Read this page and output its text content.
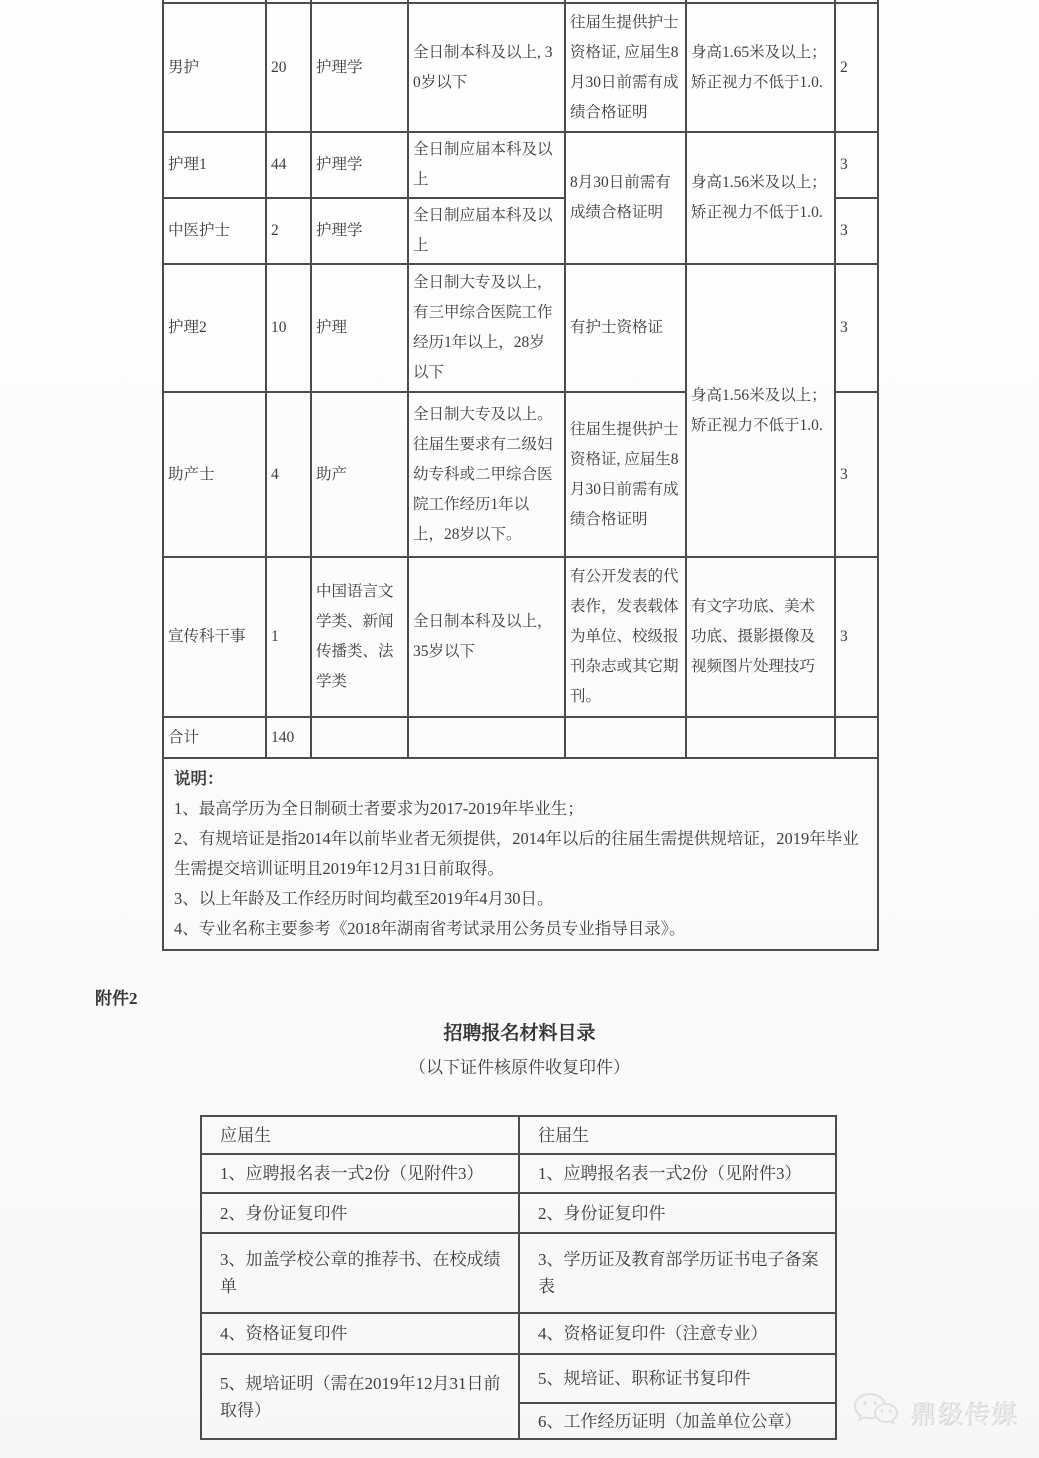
男护	20	护理学	全日制本科及以上, 30岁以下	往届生提供护士资格证, 应届生8月30日前需有成绩合格证明	身高1.65米及以上；矫正视力不低于1.0.	2
护理1	44	护理学	全日制应届本科及以上	8月30日前需有成绩合格证明	身高1.56米及以上；矫正视力不低于1.0.	3
中医护士	2	护理学	全日制应届本科及以上			3
护理2	10	护理	全日制大专及以上，有三甲综合医院工作经历1年以上，28岁以下	有护士资格证	身高1.56米及以上；矫正视力不低于1.0.	3
助产士	4	助产	全日制大专及以上。往届生要求有二级妇幼专科或二甲综合医院工作经历1年以上，28岁以下。	往届生提供护士资格证, 应届生8月30日前需有成绩合格证明		3
宣传科干事	1	中国语言文学类、新闻传播类、法学类	全日制本科及以上，35岁以下	有公开发表的代表作，发表载体为单位、校级报刊杂志或其它期刊。	有文字功底、美术功底、摄影摄像及视频图片处理技巧	3
合计	140					

说明：

1、最高学历为全日制硕士者要求为2017-2019年毕业生；

2、有规培证是指2014年以前毕业者无须提供，2014年以后的往届生需提供规培证，2019年毕业生需提交培训证明且2019年12月31日前取得。

3、以上年龄及工作经历时间均截至2019年4月30日。

4、专业名称主要参考《2018年湖南省考试录用公务员专业指导目录》。						

附件2
招聘报名材料目录
（以下证件核原件收复印件）
应届生	往届生
1、应聘报名表一式2份（见附件3）	1、应聘报名表一式2份（见附件3）
2、身份证复印件	2、身份证复印件
3、加盖学校公章的推荐书、在校成绩单	3、学历证及教育部学历证书电子备案表
4、资格证复印件	4、资格证复印件（注意专业）
5、规培证明（需在2019年12月31日前取得）	5、规培证、职称证书复印件
	6、工作经历证明（加盖单位公章）	鼎级传媒
